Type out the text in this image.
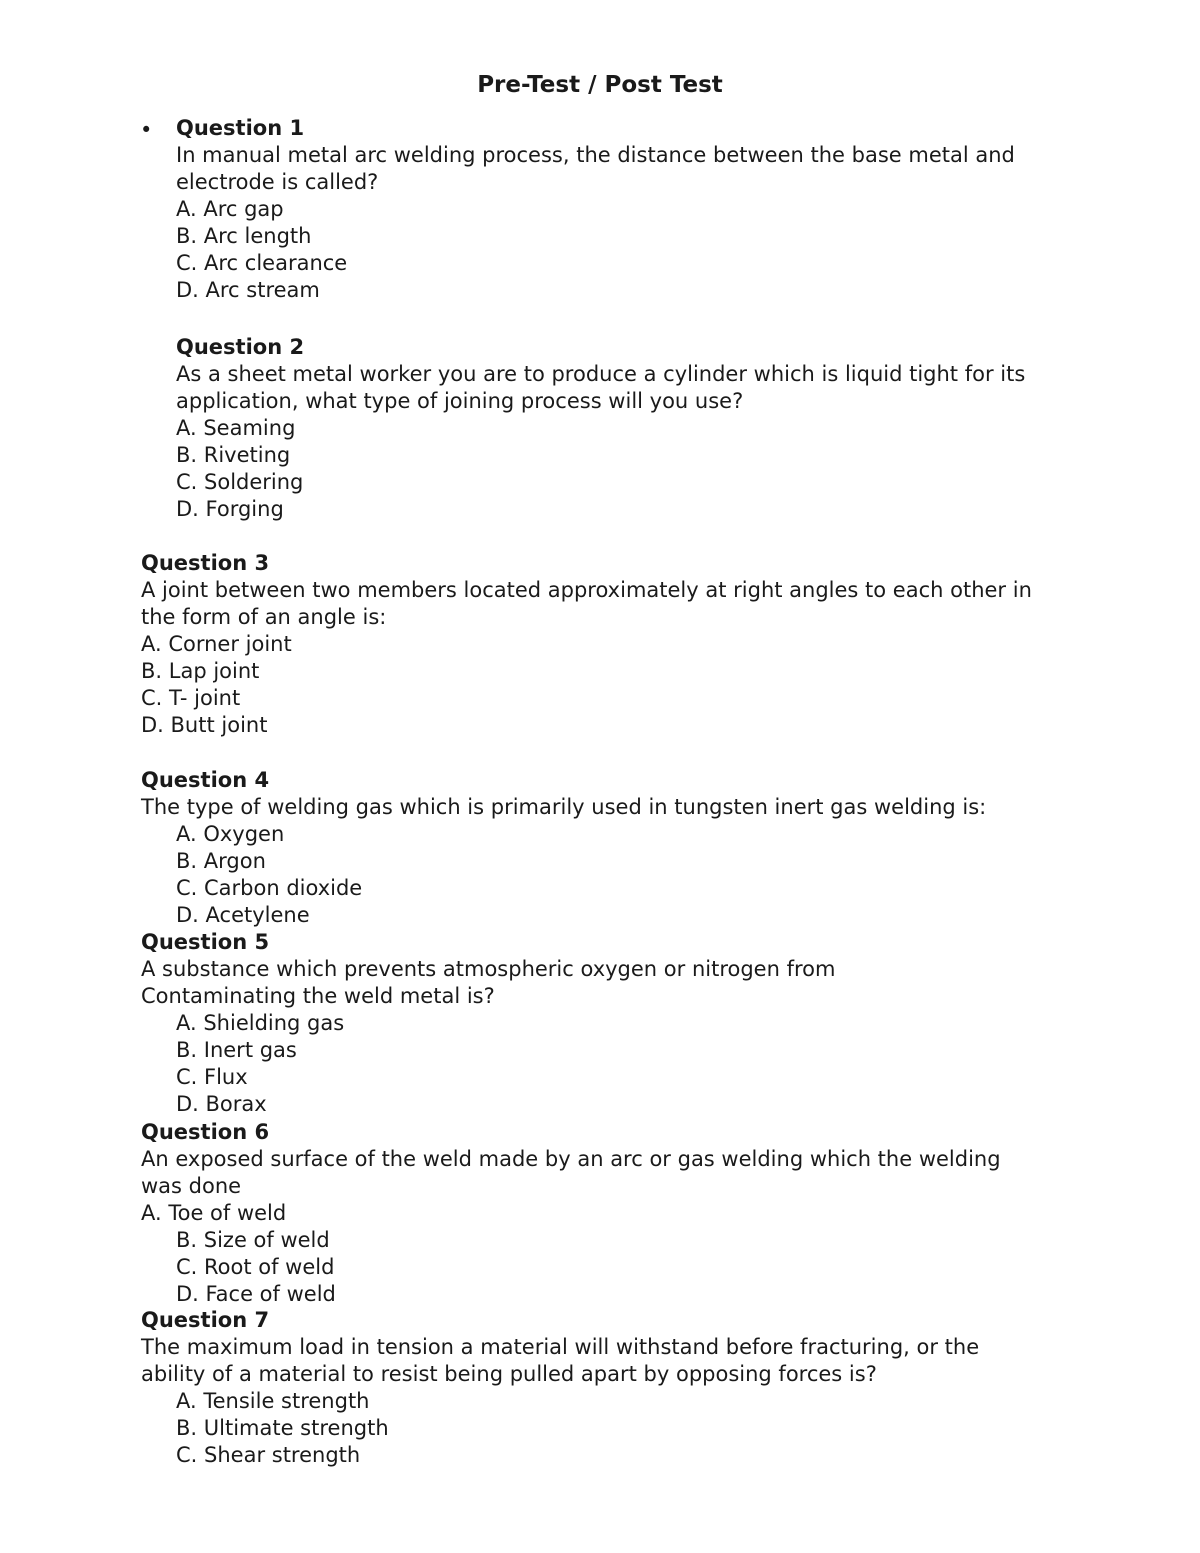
Pre-Test / Post Test
• Question 1
In manual metal arc welding process, the distance between the base metal and
electrode is called?
A. Arc gap
B. Arc length
C. Arc clearance
D. Arc stream
Question 2
As a sheet metal worker you are to produce a cylinder which is liquid tight for its
application, what type of joining process will you use?
A. Seaming
B. Riveting
C. Soldering
D. Forging
Question 3
A joint between two members located approximately at right angles to each other in
the form of an angle is:
A. Corner joint
B. Lap joint
C. T- joint
D. Butt joint
Question 4
The type of welding gas which is primarily used in tungsten inert gas welding is:
A. Oxygen
B. Argon
C. Carbon dioxide
D. Acetylene
Question 5
A substance which prevents atmospheric oxygen or nitrogen from
Contaminating the weld metal is?
A. Shielding gas
B. Inert gas
C. Flux
D. Borax
Question 6
An exposed surface of the weld made by an arc or gas welding which the welding
was done
A. Toe of weld
B. Size of weld
C. Root of weld
D. Face of weld
Question 7
The maximum load in tension a material will withstand before fracturing, or the
ability of a material to resist being pulled apart by opposing forces is?
A. Tensile strength
B. Ultimate strength
C. Shear strength
